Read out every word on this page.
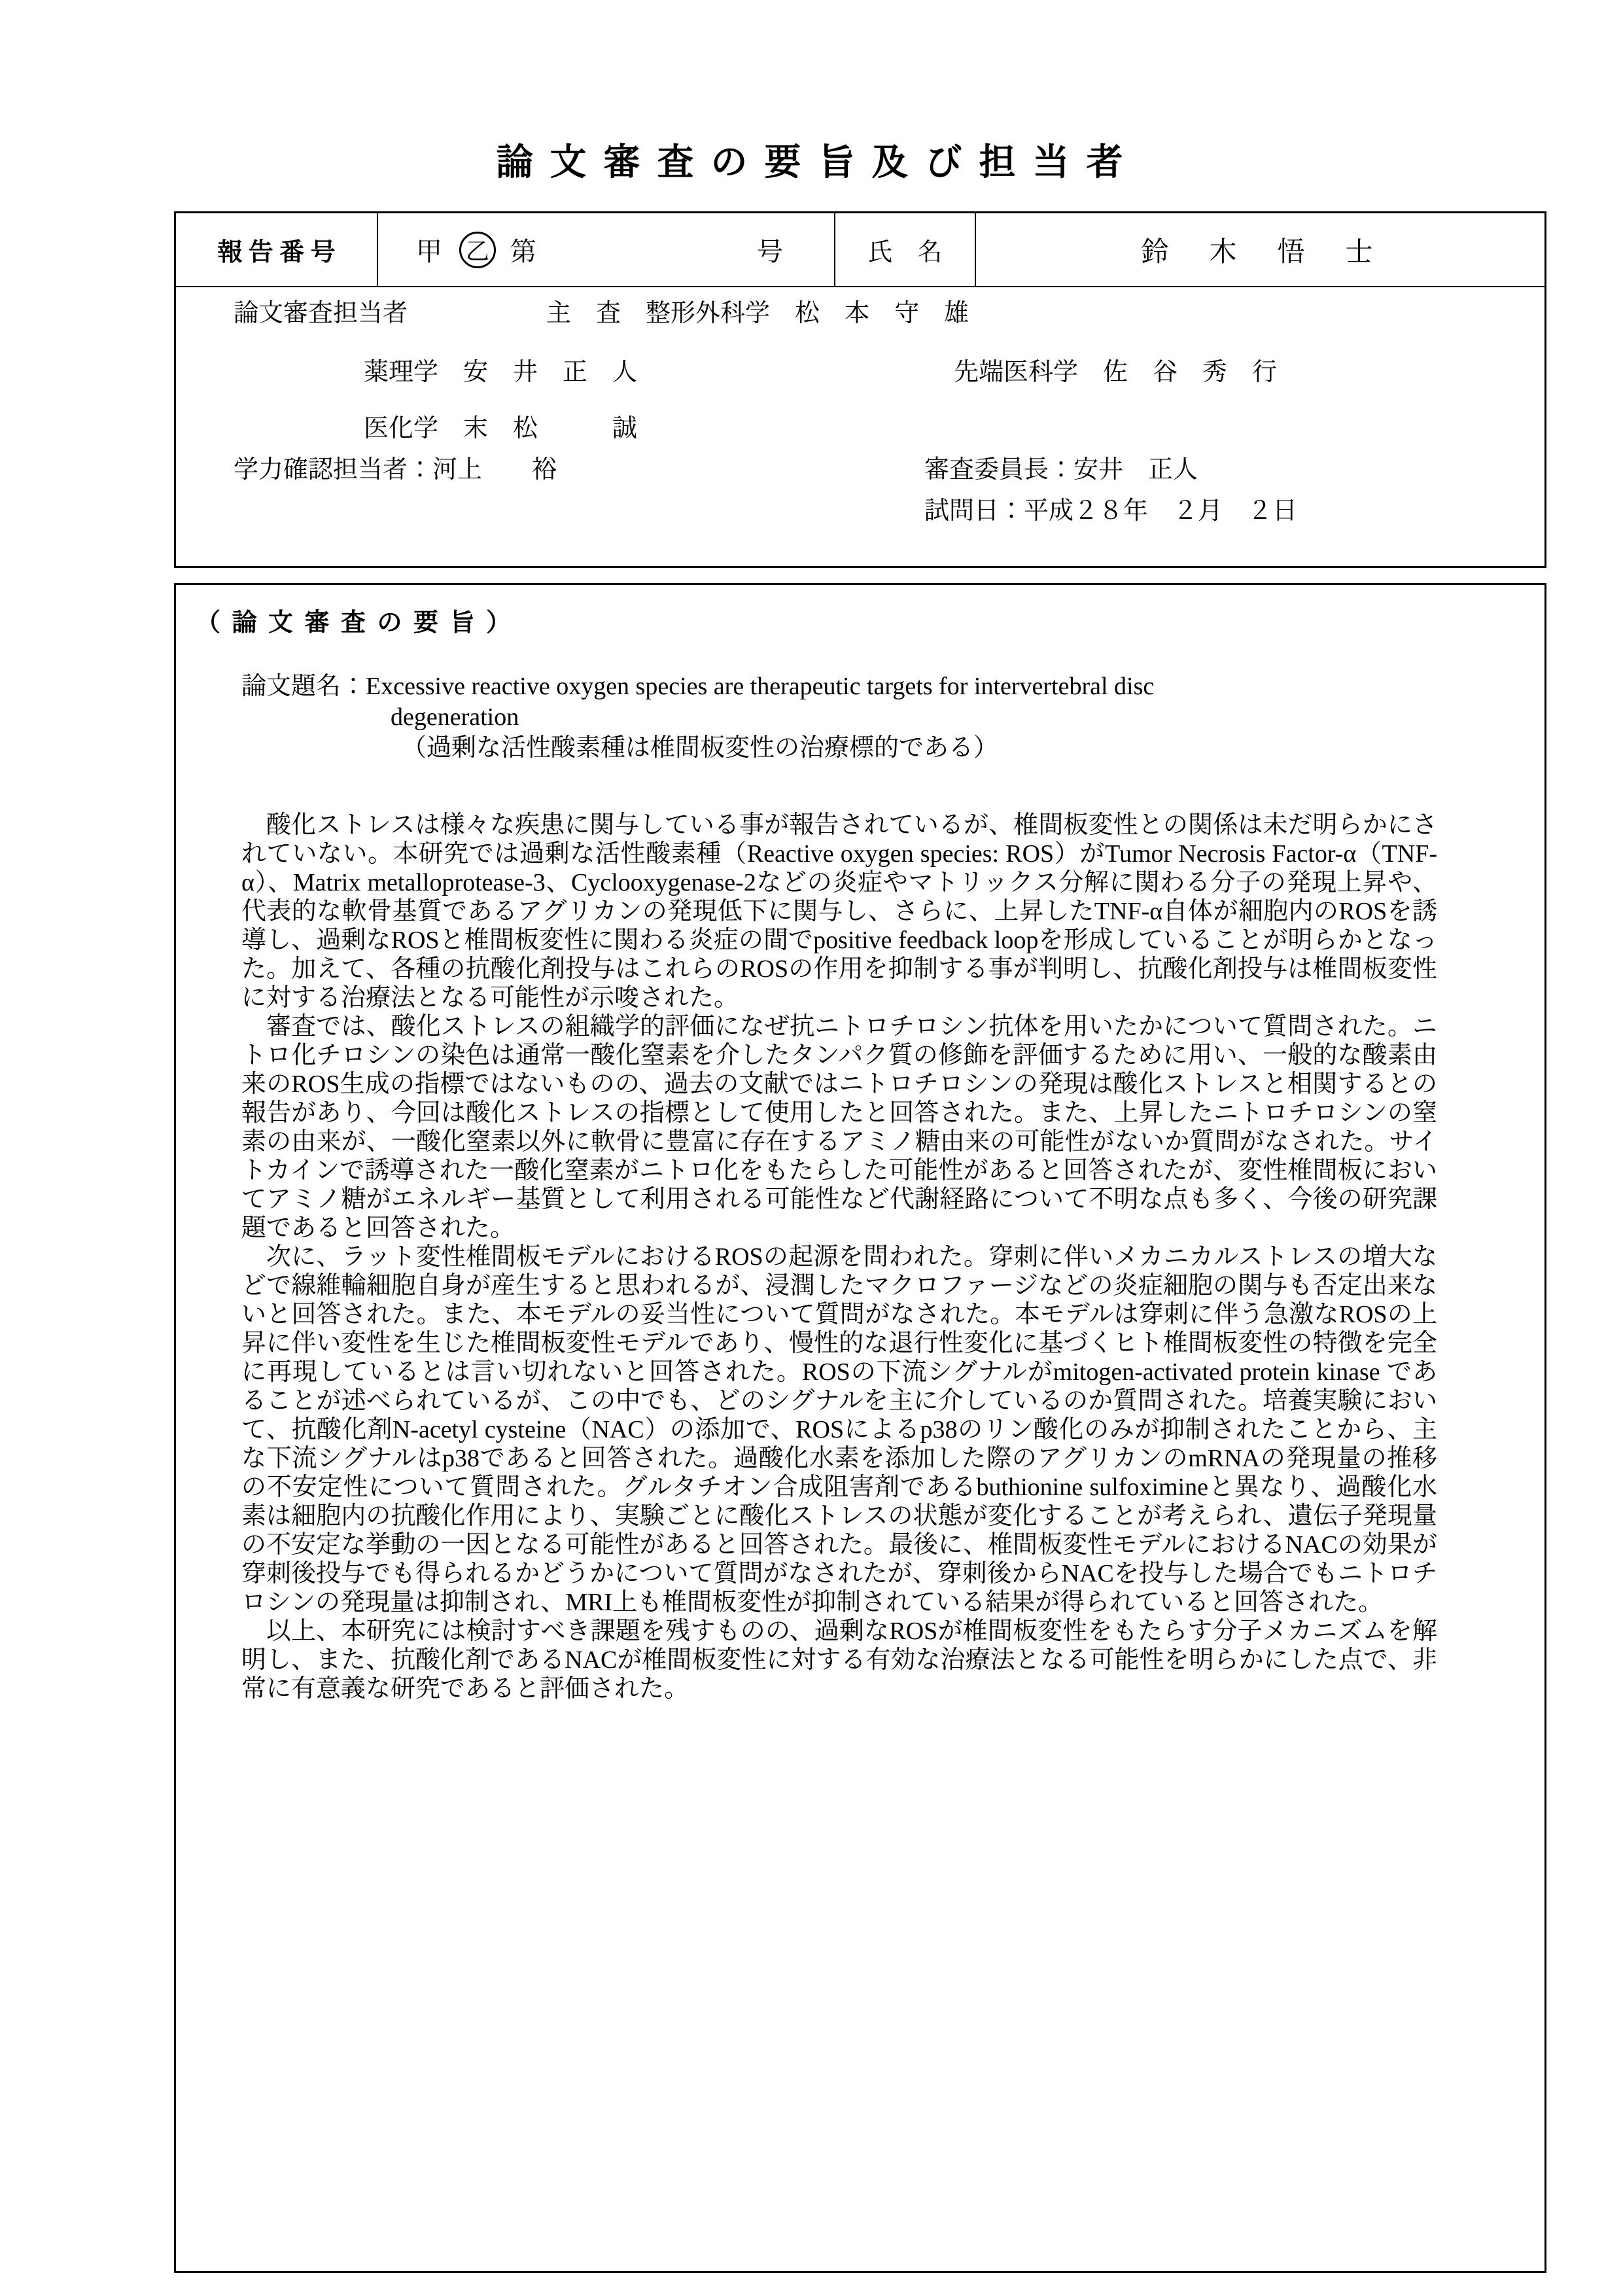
論 文 審 査 の 要 旨 及 び 担 当 者
報 告 番 号	甲 乙 第	号	氏　名	鈴　木　悟　士
論文審査担当者	主　査　整形外科学　松　本　守　雄
薬理学　安　井　正　人	先端医科学　佐　谷　秀　行
医化学　末　松　　　誠
学力確認担当者：河上　　裕	審査委員長：安井　正人
試問日：平成２８年　２月　２日
（ 論 文 審 査 の 要 旨 ）
論文題名：Excessive reactive oxygen species are therapeutic targets for intervertebral disc
degeneration
（過剰な活性酸素種は椎間板変性の治療標的である）

酸化ストレスは様々な疾患に関与している事が報告されているが、椎間板変性との関係は未だ明らかにされていない。本研究では過剰な活性酸素種（Reactive oxygen species: ROS）がTumor Necrosis Factor-α（TNF-α）、Matrix metalloprotease-3、Cyclooxygenase-2などの炎症やマトリックス分解に関わる分子の発現上昇や、代表的な軟骨基質であるアグリカンの発現低下に関与し、さらに、上昇したTNF-α自体が細胞内のROSを誘導し、過剰なROSと椎間板変性に関わる炎症の間でpositive feedback loopを形成していることが明らかとなった。加えて、各種の抗酸化剤投与はこれらのROSの作用を抑制する事が判明し、抗酸化剤投与は椎間板変性に対する治療法となる可能性が示唆された。

審査では、酸化ストレスの組織学的評価になぜ抗ニトロチロシン抗体を用いたかについて質問された。ニトロ化チロシンの染色は通常一酸化窒素を介したタンパク質の修飾を評価するために用い、一般的な酸素由来のROS生成の指標ではないものの、過去の文献ではニトロチロシンの発現は酸化ストレスと相関するとの報告があり、今回は酸化ストレスの指標として使用したと回答された。また、上昇したニトロチロシンの窒素の由来が、一酸化窒素以外に軟骨に豊富に存在するアミノ糖由来の可能性がないか質問がなされた。サイトカインで誘導された一酸化窒素がニトロ化をもたらした可能性があると回答されたが、変性椎間板においてアミノ糖がエネルギー基質として利用される可能性など代謝経路について不明な点も多く、今後の研究課題であると回答された。

次に、ラット変性椎間板モデルにおけるROSの起源を問われた。穿刺に伴いメカニカルストレスの増大などで線維輪細胞自身が産生すると思われるが、浸潤したマクロファージなどの炎症細胞の関与も否定出来ないと回答された。また、本モデルの妥当性について質問がなされた。本モデルは穿刺に伴う急激なROSの上昇に伴い変性を生じた椎間板変性モデルであり、慢性的な退行性変化に基づくヒト椎間板変性の特徴を完全に再現しているとは言い切れないと回答された。ROSの下流シグナルがmitogen-activated protein kinase であることが述べられているが、この中でも、どのシグナルを主に介しているのか質問された。培養実験において、抗酸化剤N-acetyl cysteine（NAC）の添加で、ROSによるp38のリン酸化のみが抑制されたことから、主な下流シグナルはp38であると回答された。過酸化水素を添加した際のアグリカンのmRNAの発現量の推移の不安定性について質問された。グルタチオン合成阻害剤であるbuthionine sulfoximineと異なり、過酸化水素は細胞内の抗酸化作用により、実験ごとに酸化ストレスの状態が変化することが考えられ、遺伝子発現量の不安定な挙動の一因となる可能性があると回答された。最後に、椎間板変性モデルにおけるNACの効果が穿刺後投与でも得られるかどうかについて質問がなされたが、穿刺後からNACを投与した場合でもニトロチロシンの発現量は抑制され、MRI上も椎間板変性が抑制されている結果が得られていると回答された。

以上、本研究には検討すべき課題を残すものの、過剰なROSが椎間板変性をもたらす分子メカニズムを解明し、また、抗酸化剤であるNACが椎間板変性に対する有効な治療法となる可能性を明らかにした点で、非常に有意義な研究であると評価された。
